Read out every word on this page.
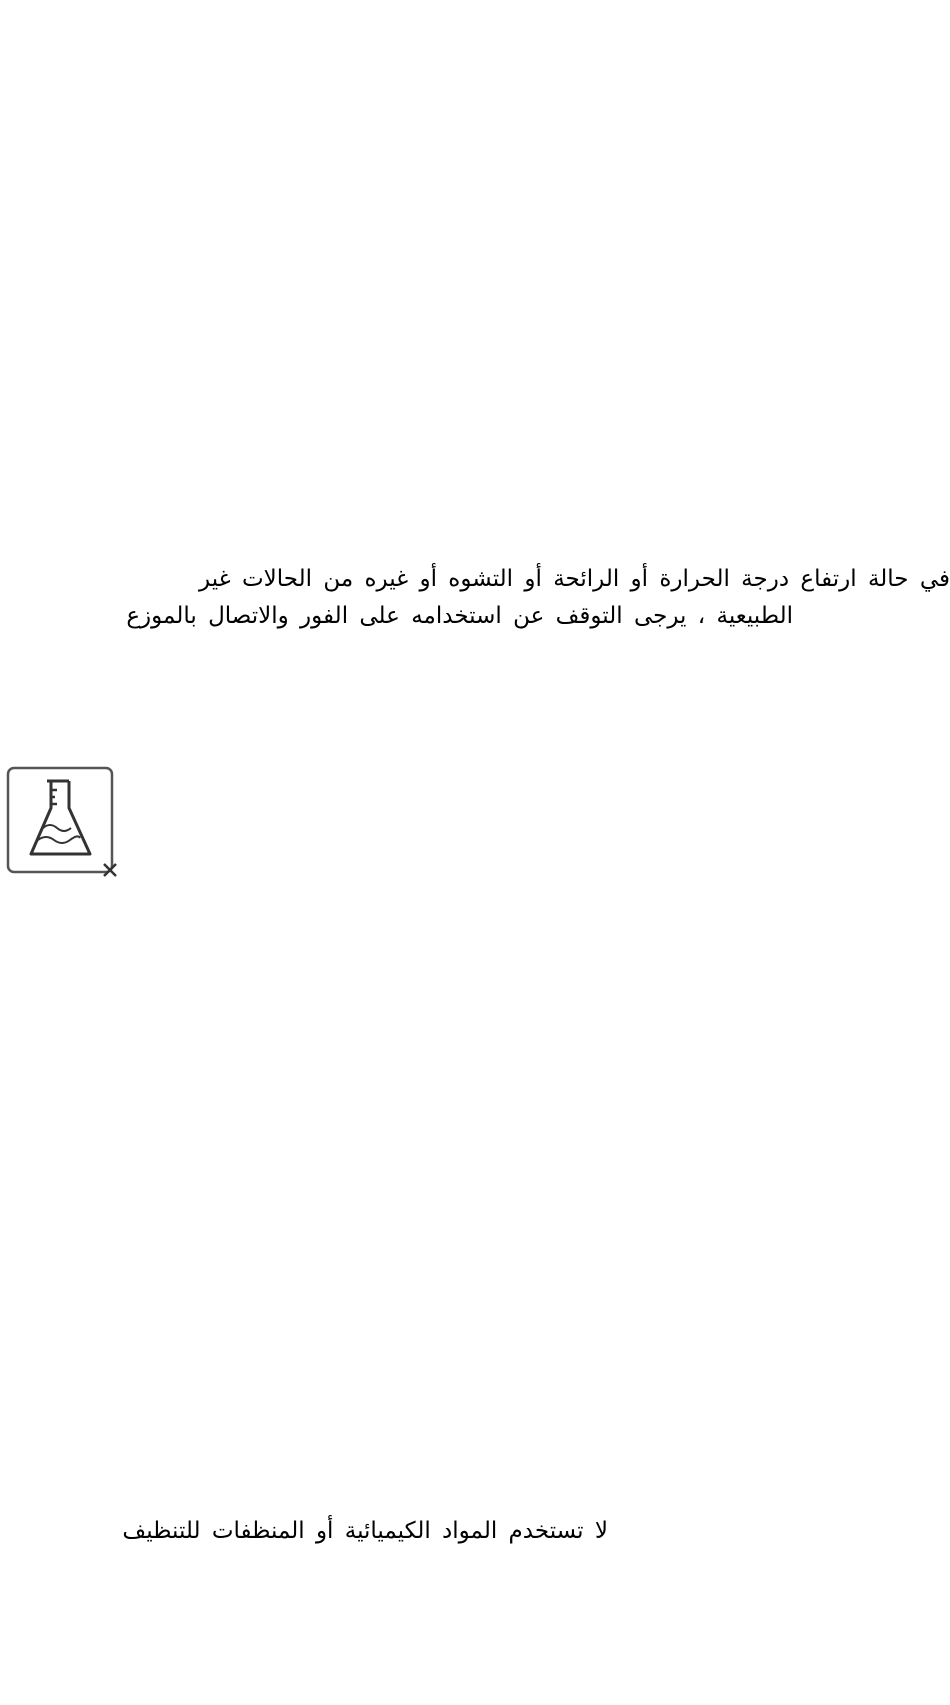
في حالة ارتفاع درجة الحرارة أو الرائحة أو التشوه أو غيره من الحالات غير

الطبيعية ، يرجى التوقف عن استخدامه على الفور والاتصال بالموزع

لا تستخدم المواد الكيميائية أو المنظفات للتنظيف
